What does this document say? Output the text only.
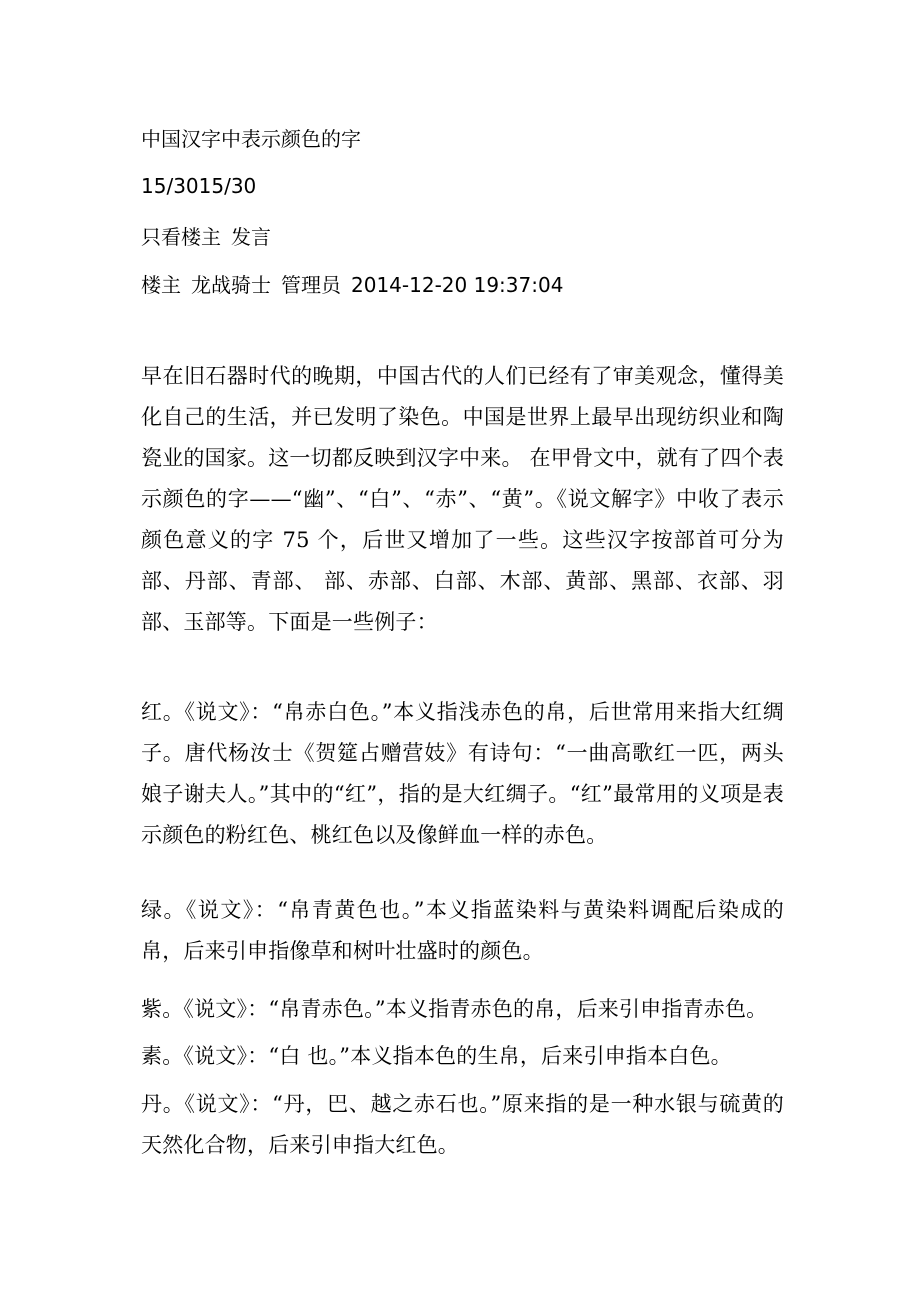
中国汉字中表示颜色的字
15/3015/30
只看楼主 发言
楼主 龙战骑士 管理员 2014-12-20 19:37:04
早在旧石器时代的晚期，中国古代的人们已经有了审美观念，懂得美化自己的生活，并已发明了染色。中国是世界上最早出现纺织业和陶瓷业的国家。这一切都反映到汉字中来。 在甲骨文中，就有了四个表示颜色的字——“幽”、“白”、“赤”、“黄”。《说文解字》中收了表示颜色意义的字 75 个，后世又增加了一些。这些汉字按部首可分为部、丹部、青部、 部、赤部、白部、木部、黄部、黑部、衣部、羽部、玉部等。下面是一些例子：
红。《说文》：“帛赤白色。”本义指浅赤色的帛，后世常用来指大红绸子。唐代杨汝士《贺筵占赠营妓》有诗句：“一曲高歌红一匹，两头娘子谢夫人。”其中的“红”，指的是大红绸子。“红”最常用的义项是表示颜色的粉红色、桃红色以及像鲜血一样的赤色。
绿。《说文》：“帛青黄色也。”本义指蓝染料与黄染料调配后染成的帛，后来引申指像草和树叶壮盛时的颜色。
紫。《说文》：“帛青赤色。”本义指青赤色的帛，后来引申指青赤色。
素。《说文》：“白 也。”本义指本色的生帛，后来引申指本白色。
丹。《说文》：“丹，巴、越之赤石也。”原来指的是一种水银与硫黄的天然化合物，后来引申指大红色。
